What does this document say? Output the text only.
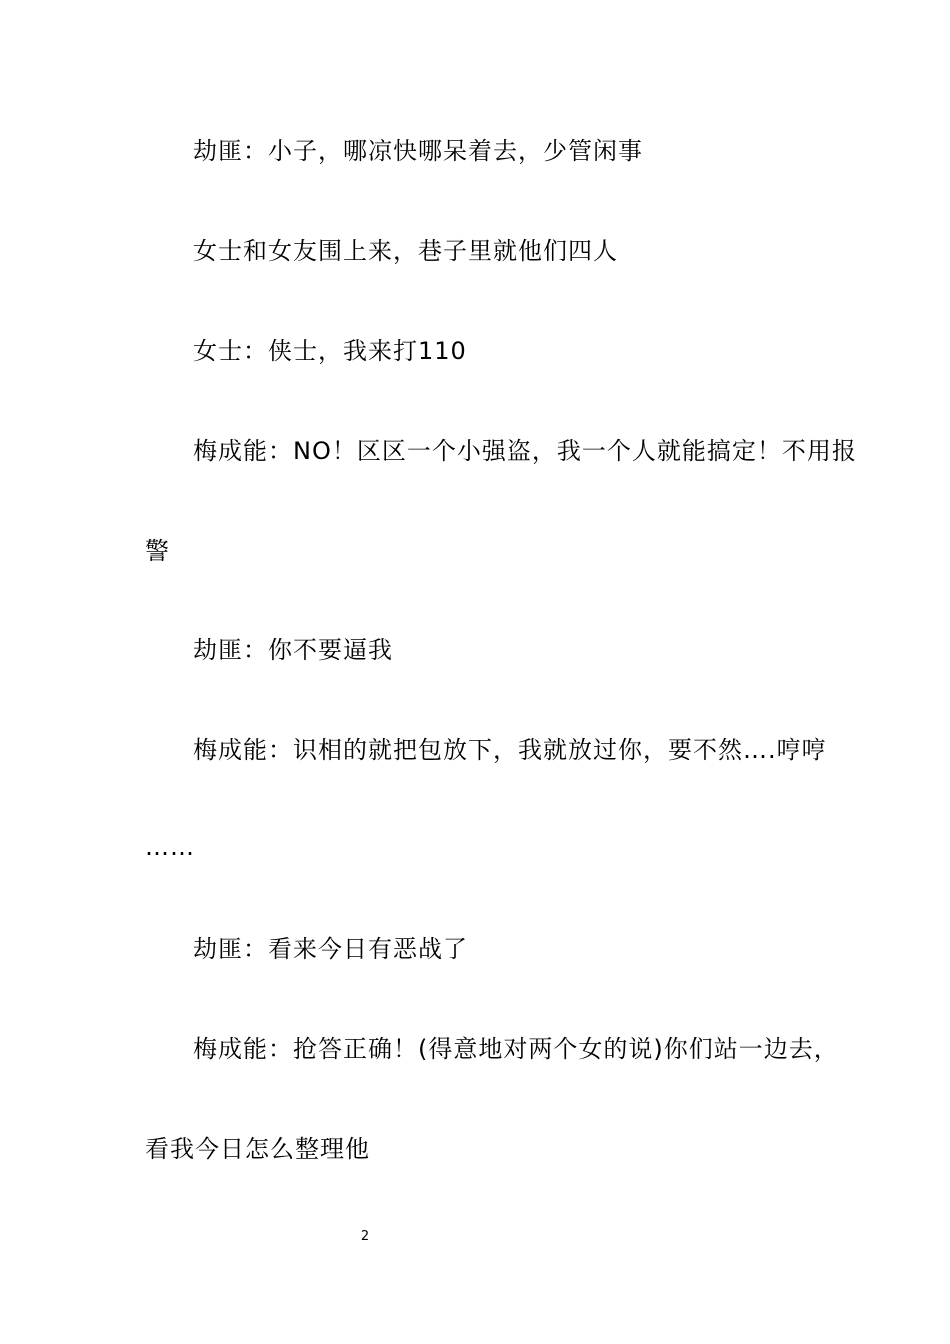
劫匪：小子，哪凉快哪呆着去，少管闲事
女士和女友围上来，巷子里就他们四人
女士：侠士，我来打110
梅成能：NO！区区一个小强盗，我一个人就能搞定！不用报
警
劫匪：你不要逼我
梅成能：识相的就把包放下，我就放过你，要不然….哼哼
……
劫匪：看来今日有恶战了
梅成能：抢答正确！(得意地对两个女的说)你们站一边去，
看我今日怎么整理他
2
